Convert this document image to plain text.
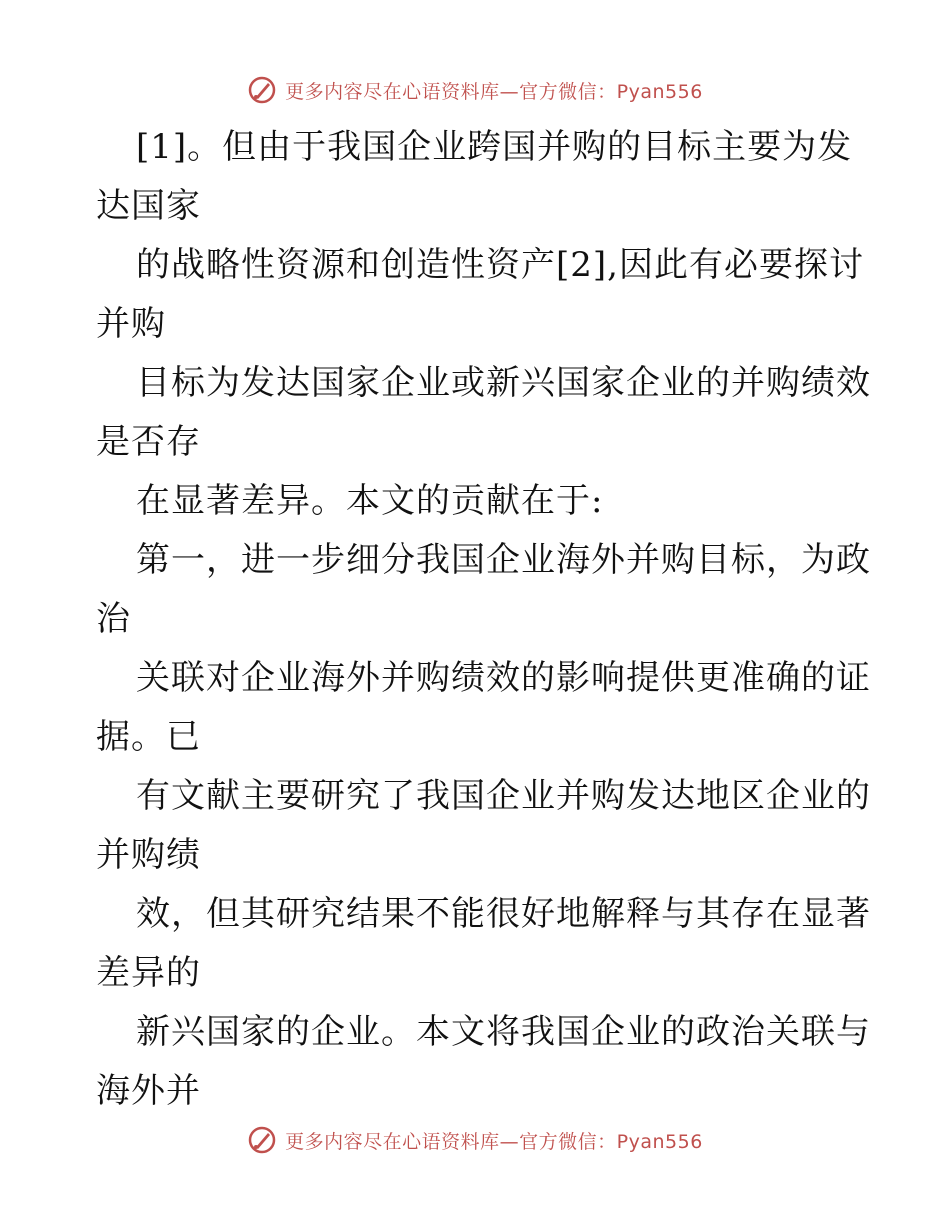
更多内容尽在心语资料库—官方微信：Pyan556
[1]。但由于我国企业跨国并购的目标主要为发
达国家
的战略性资源和创造性资产[2],因此有必要探讨
并购
目标为发达国家企业或新兴国家企业的并购绩效
是否存
在显著差异。本文的贡献在于:
第一，进一步细分我国企业海外并购目标，为政
治
关联对企业海外并购绩效的影响提供更准确的证
据。已
有文献主要研究了我国企业并购发达地区企业的
并购绩
效，但其研究结果不能很好地解释与其存在显著
差异的
新兴国家的企业。本文将我国企业的政治关联与
海外并
更多内容尽在心语资料库—官方微信：Pyan556
